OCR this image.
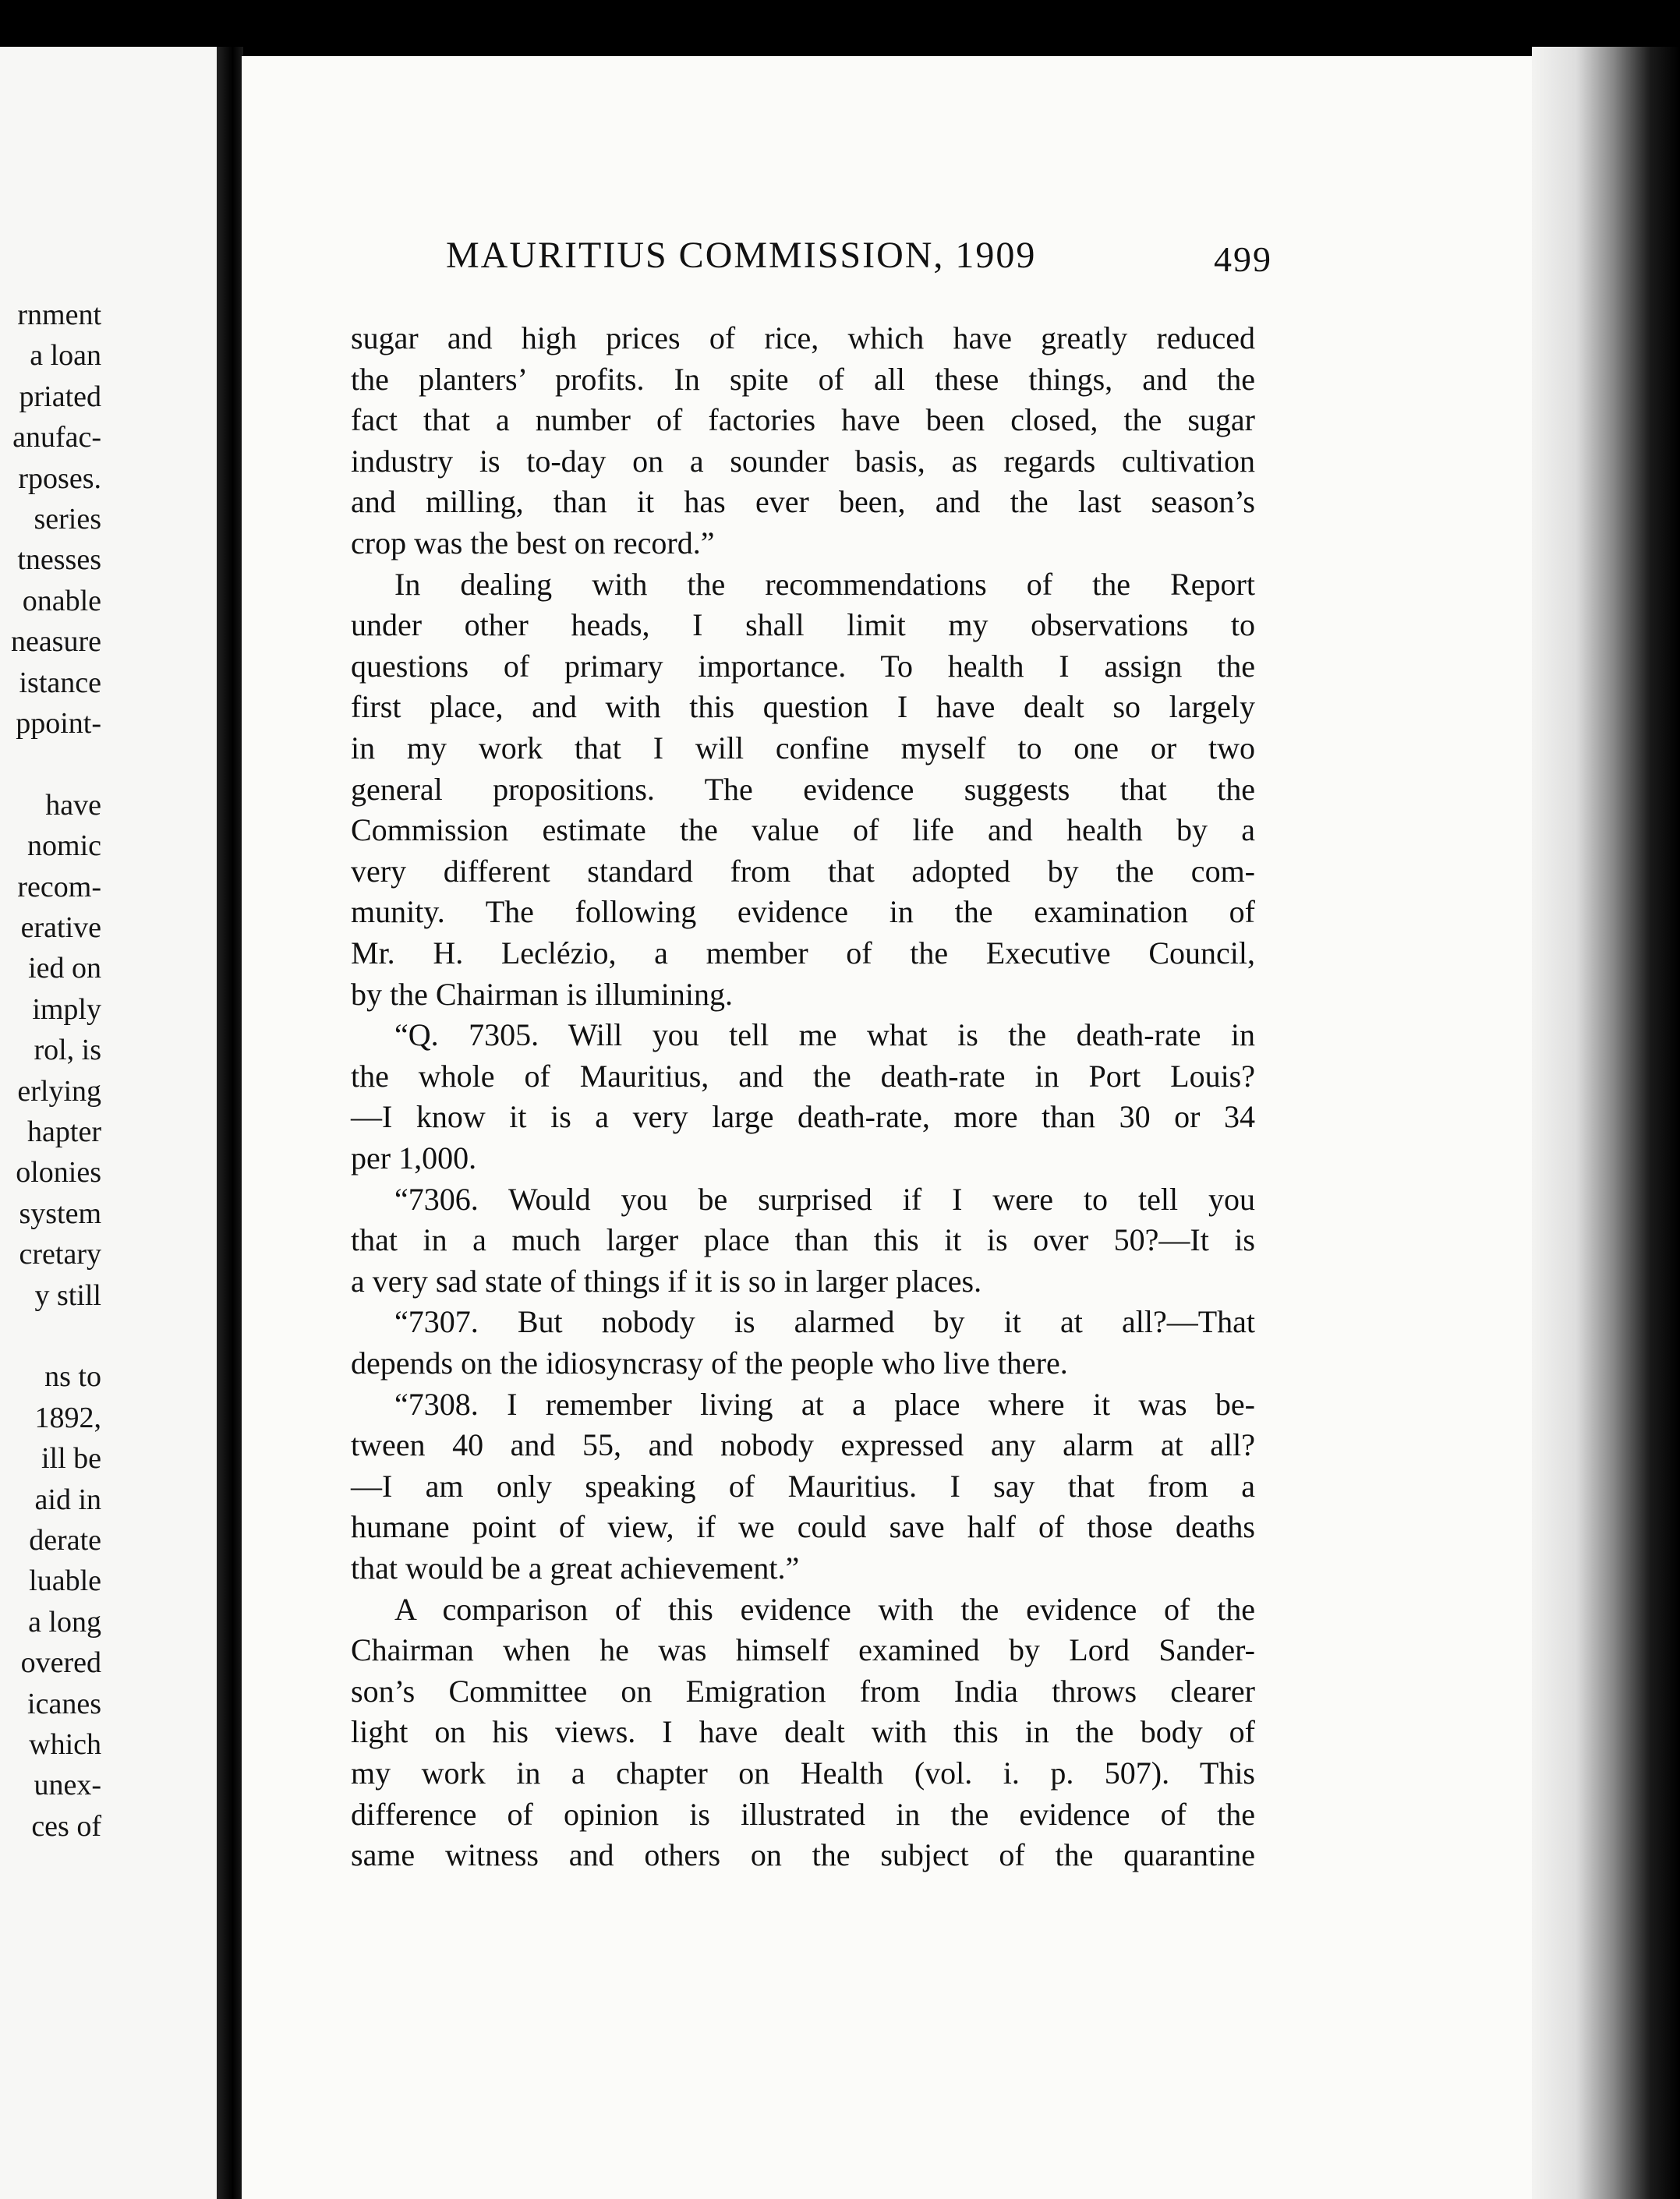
rnment
a loan
priated
anufac-
rposes.
series
tnesses
onable
neasure
istance
ppoint-
have
nomic
recom-
erative
ied on
imply
rol, is
erlying
hapter
olonies
system
cretary
y still
ns to
1892,
ill be
aid in
derate
luable
a long
overed
icanes
which
unex-
ces of
MAURITIUS COMMISSION, 1909	499
sugar and high prices of rice, which have greatly reduced
the planters’ profits. In spite of all these things, and the
fact that a number of factories have been closed, the sugar
industry is to-day on a sounder basis, as regards cultivation
and milling, than it has ever been, and the last season’s
crop was the best on record.”
In dealing with the recommendations of the Report
under other heads, I shall limit my observations to
questions of primary importance. To health I assign the
first place, and with this question I have dealt so largely
in my work that I will confine myself to one or two
general propositions. The evidence suggests that the
Commission estimate the value of life and health by a
very different standard from that adopted by the com-
munity. The following evidence in the examination of
Mr. H. Leclézio, a member of the Executive Council,
by the Chairman is illumining.
“Q. 7305. Will you tell me what is the death-rate in
the whole of Mauritius, and the death-rate in Port Louis?
—I know it is a very large death-rate, more than 30 or 34
per 1,000.
“7306. Would you be surprised if I were to tell you
that in a much larger place than this it is over 50?—It is
a very sad state of things if it is so in larger places.
“7307. But nobody is alarmed by it at all?—That
depends on the idiosyncrasy of the people who live there.
“7308. I remember living at a place where it was be-
tween 40 and 55, and nobody expressed any alarm at all?
—I am only speaking of Mauritius. I say that from a
humane point of view, if we could save half of those deaths
that would be a great achievement.”
A comparison of this evidence with the evidence of the
Chairman when he was himself examined by Lord Sander-
son’s Committee on Emigration from India throws clearer
light on his views. I have dealt with this in the body of
my work in a chapter on Health (vol. i. p. 507). This
difference of opinion is illustrated in the evidence of the
same witness and others on the subject of the quarantine
